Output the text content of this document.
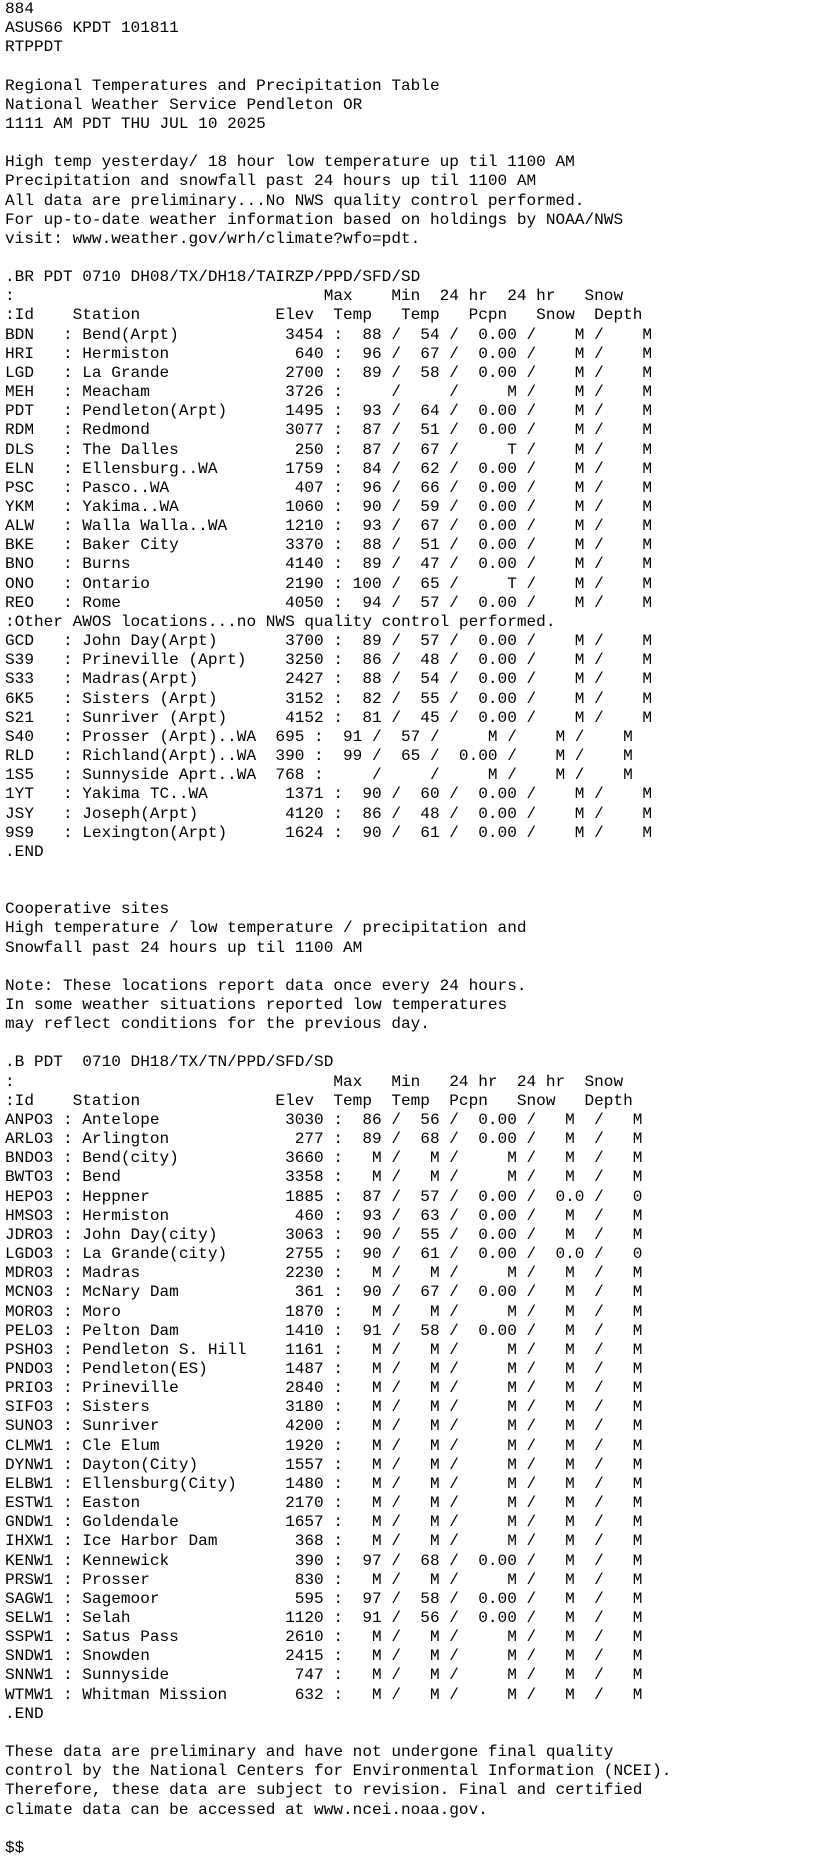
884
ASUS66 KPDT 101811
RTPPDT
Regional Temperatures and Precipitation Table
National Weather Service Pendleton OR
1111 AM PDT THU JUL 10 2025
High temp yesterday/ 18 hour low temperature up til 1100 AM
Precipitation and snowfall past 24 hours up til 1100 AM
All data are preliminary...No NWS quality control performed.
For up-to-date weather information based on holdings by NOAA/NWS
visit: www.weather.gov/wrh/climate?wfo=pdt.
.BR PDT 0710 DH08/TX/DH18/TAIRZP/PPD/SFD/SD
:                                Max    Min  24 hr  24 hr   Snow
:Id    Station              Elev  Temp   Temp   Pcpn   Snow  Depth
BDN   : Bend(Arpt)           3454 :  88 /  54 /  0.00 /    M /    M
HRI   : Hermiston             640 :  96 /  67 /  0.00 /    M /    M
LGD   : La Grande            2700 :  89 /  58 /  0.00 /    M /    M
MEH   : Meacham              3726 :     /     /     M /    M /    M
PDT   : Pendleton(Arpt)      1495 :  93 /  64 /  0.00 /    M /    M
RDM   : Redmond              3077 :  87 /  51 /  0.00 /    M /    M
DLS   : The Dalles            250 :  87 /  67 /     T /    M /    M
ELN   : Ellensburg..WA       1759 :  84 /  62 /  0.00 /    M /    M
PSC   : Pasco..WA             407 :  96 /  66 /  0.00 /    M /    M
YKM   : Yakima..WA           1060 :  90 /  59 /  0.00 /    M /    M
ALW   : Walla Walla..WA      1210 :  93 /  67 /  0.00 /    M /    M
BKE   : Baker City           3370 :  88 /  51 /  0.00 /    M /    M
BNO   : Burns                4140 :  89 /  47 /  0.00 /    M /    M
ONO   : Ontario              2190 : 100 /  65 /     T /    M /    M
REO   : Rome                 4050 :  94 /  57 /  0.00 /    M /    M
:Other AWOS locations...no NWS quality control performed.
GCD   : John Day(Arpt)       3700 :  89 /  57 /  0.00 /    M /    M
S39   : Prineville (Aprt)    3250 :  86 /  48 /  0.00 /    M /    M
S33   : Madras(Arpt)         2427 :  88 /  54 /  0.00 /    M /    M
6K5   : Sisters (Arpt)       3152 :  82 /  55 /  0.00 /    M /    M
S21   : Sunriver (Arpt)      4152 :  81 /  45 /  0.00 /    M /    M
S40   : Prosser (Arpt)..WA  695 :  91 /  57 /     M /    M /    M
RLD   : Richland(Arpt)..WA  390 :  99 /  65 /  0.00 /    M /    M
1S5   : Sunnyside Aprt..WA  768 :     /     /     M /    M /    M
1YT   : Yakima TC..WA        1371 :  90 /  60 /  0.00 /    M /    M
JSY   : Joseph(Arpt)         4120 :  86 /  48 /  0.00 /    M /    M
9S9   : Lexington(Arpt)      1624 :  90 /  61 /  0.00 /    M /    M
.END
Cooperative sites
High temperature / low temperature / precipitation and
Snowfall past 24 hours up til 1100 AM
Note: These locations report data once every 24 hours.
In some weather situations reported low temperatures
may reflect conditions for the previous day.
.B PDT  0710 DH18/TX/TN/PPD/SFD/SD
:                                 Max   Min   24 hr  24 hr  Snow
:Id    Station              Elev  Temp  Temp  Pcpn   Snow   Depth
ANPO3 : Antelope             3030 :  86 /  56 /  0.00 /   M  /   M
ARLO3 : Arlington             277 :  89 /  68 /  0.00 /   M  /   M
BNDO3 : Bend(city)           3660 :   M /   M /     M /   M  /   M
BWTO3 : Bend                 3358 :   M /   M /     M /   M  /   M
HEPO3 : Heppner              1885 :  87 /  57 /  0.00 /  0.0 /   0
HMSO3 : Hermiston             460 :  93 /  63 /  0.00 /   M  /   M
JDRO3 : John Day(city)       3063 :  90 /  55 /  0.00 /   M  /   M
LGDO3 : La Grande(city)      2755 :  90 /  61 /  0.00 /  0.0 /   0
MDRO3 : Madras               2230 :   M /   M /     M /   M  /   M
MCNO3 : McNary Dam            361 :  90 /  67 /  0.00 /   M  /   M
MORO3 : Moro                 1870 :   M /   M /     M /   M  /   M
PELO3 : Pelton Dam           1410 :  91 /  58 /  0.00 /   M  /   M
PSHO3 : Pendleton S. Hill    1161 :   M /   M /     M /   M  /   M
PNDO3 : Pendleton(ES)        1487 :   M /   M /     M /   M  /   M
PRIO3 : Prineville           2840 :   M /   M /     M /   M  /   M
SIFO3 : Sisters              3180 :   M /   M /     M /   M  /   M
SUNO3 : Sunriver             4200 :   M /   M /     M /   M  /   M
CLMW1 : Cle Elum             1920 :   M /   M /     M /   M  /   M
DYNW1 : Dayton(City)         1557 :   M /   M /     M /   M  /   M
ELBW1 : Ellensburg(City)     1480 :   M /   M /     M /   M  /   M
ESTW1 : Easton               2170 :   M /   M /     M /   M  /   M
GNDW1 : Goldendale           1657 :   M /   M /     M /   M  /   M
IHXW1 : Ice Harbor Dam        368 :   M /   M /     M /   M  /   M
KENW1 : Kennewick             390 :  97 /  68 /  0.00 /   M  /   M
PRSW1 : Prosser               830 :   M /   M /     M /   M  /   M
SAGW1 : Sagemoor              595 :  97 /  58 /  0.00 /   M  /   M
SELW1 : Selah                1120 :  91 /  56 /  0.00 /   M  /   M
SSPW1 : Satus Pass           2610 :   M /   M /     M /   M  /   M
SNDW1 : Snowden              2415 :   M /   M /     M /   M  /   M
SNNW1 : Sunnyside             747 :   M /   M /     M /   M  /   M
WTMW1 : Whitman Mission       632 :   M /   M /     M /   M  /   M
.END
These data are preliminary and have not undergone final quality
control by the National Centers for Environmental Information (NCEI).
Therefore, these data are subject to revision. Final and certified
climate data can be accessed at www.ncei.noaa.gov.
$$
